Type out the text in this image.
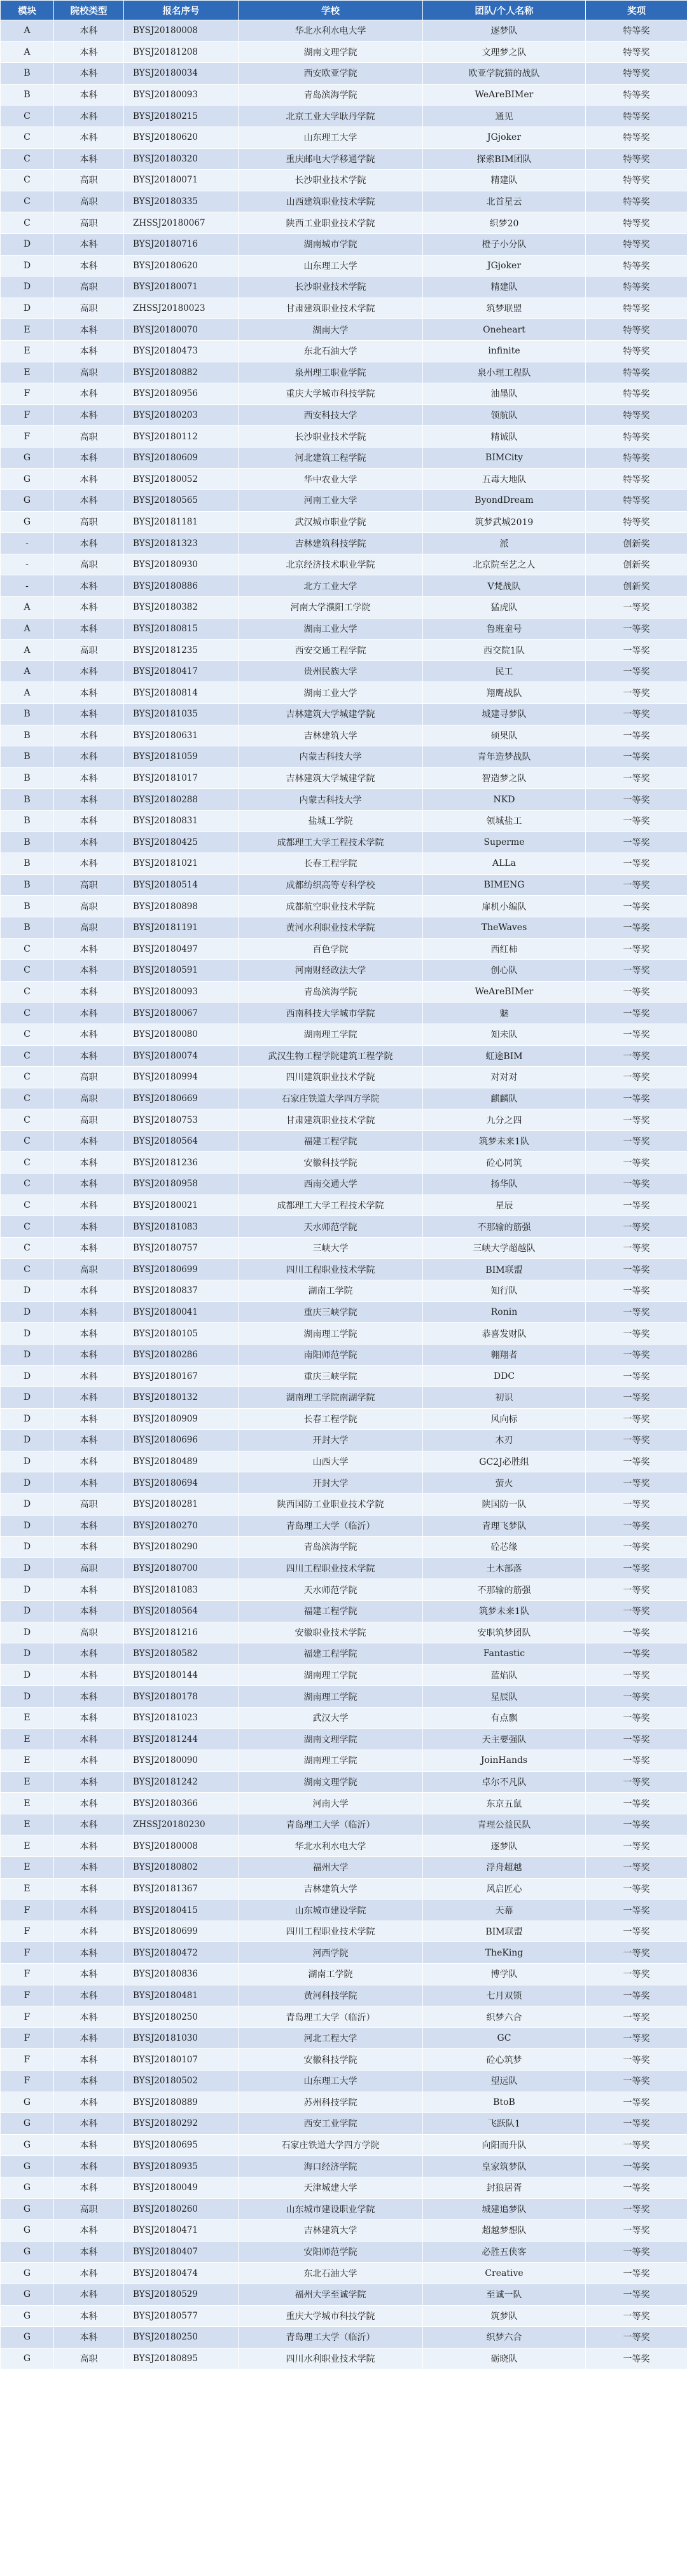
模块	院校类型	报名序号	学校	团队/个人名称	奖项
A	本科	BYSJ20180008	华北水利水电大学	逐梦队	特等奖
A	本科	BYSJ20181208	湖南文理学院	文理梦之队	特等奖
B	本科	BYSJ20180034	西安欧亚学院	欧亚学院猫的战队	特等奖
B	本科	BYSJ20180093	青岛滨海学院	WeAreBIMer	特等奖
C	本科	BYSJ20180215	北京工业大学耿丹学院	通见	特等奖
C	本科	BYSJ20180620	山东理工大学	JGjoker	特等奖
C	本科	BYSJ20180320	重庆邮电大学移通学院	探索BIM团队	特等奖
C	高职	BYSJ20180071	长沙职业技术学院	精建队	特等奖
C	高职	BYSJ20180335	山西建筑职业技术学院	北首星云	特等奖
C	高职	ZHSSJ20180067	陕西工业职业技术学院	织梦20	特等奖
D	本科	BYSJ20180716	湖南城市学院	橙子小分队	特等奖
D	本科	BYSJ20180620	山东理工大学	JGjoker	特等奖
D	高职	BYSJ20180071	长沙职业技术学院	精建队	特等奖
D	高职	ZHSSJ20180023	甘肃建筑职业技术学院	筑梦联盟	特等奖
E	本科	BYSJ20180070	湖南大学	Oneheart	特等奖
E	本科	BYSJ20180473	东北石油大学	infinite	特等奖
E	高职	BYSJ20180882	泉州理工职业学院	泉小理工程队	特等奖
F	本科	BYSJ20180956	重庆大学城市科技学院	油墨队	特等奖
F	本科	BYSJ20180203	西安科技大学	领航队	特等奖
F	高职	BYSJ20180112	长沙职业技术学院	精诚队	特等奖
G	本科	BYSJ20180609	河北建筑工程学院	BIMCity	特等奖
G	本科	BYSJ20180052	华中农业大学	五毒大地队	特等奖
G	本科	BYSJ20180565	河南工业大学	ByondDream	特等奖
G	高职	BYSJ20181181	武汉城市职业学院	筑梦武城2019	特等奖
-	本科	BYSJ20181323	吉林建筑科技学院	派	创新奖
-	高职	BYSJ20180930	北京经济技术职业学院	北京院至艺之人	创新奖
-	本科	BYSJ20180886	北方工业大学	V梵战队	创新奖
A	本科	BYSJ20180382	河南大学濮阳工学院	猛虎队	一等奖
A	本科	BYSJ20180815	湖南工业大学	鲁班童号	一等奖
A	高职	BYSJ20181235	西安交通工程学院	西交院1队	一等奖
A	本科	BYSJ20180417	贵州民族大学	民工	一等奖
A	本科	BYSJ20180814	湖南工业大学	翔鹰战队	一等奖
B	本科	BYSJ20181035	吉林建筑大学城建学院	城建寻梦队	一等奖
B	本科	BYSJ20180631	吉林建筑大学	硕果队	一等奖
B	本科	BYSJ20181059	内蒙古科技大学	青年造梦战队	一等奖
B	本科	BYSJ20181017	吉林建筑大学城建学院	智造梦之队	一等奖
B	本科	BYSJ20180288	内蒙古科技大学	NKD	一等奖
B	本科	BYSJ20180831	盐城工学院	领城盐工	一等奖
B	本科	BYSJ20180425	成都理工大学工程技术学院	Superme	一等奖
B	本科	BYSJ20181021	长春工程学院	ALLa	一等奖
B	高职	BYSJ20180514	成都纺织高等专科学校	BIMENG	一等奖
B	高职	BYSJ20180898	成都航空职业技术学院	扉机小编队	一等奖
B	高职	BYSJ20181191	黄河水利职业技术学院	TheWaves	一等奖
C	本科	BYSJ20180497	百色学院	西红柿	一等奖
C	本科	BYSJ20180591	河南财经政法大学	创心队	一等奖
C	本科	BYSJ20180093	青岛滨海学院	WeAreBIMer	一等奖
C	本科	BYSJ20180067	西南科技大学城市学院	魅	一等奖
C	本科	BYSJ20180080	湖南理工学院	知未队	一等奖
C	本科	BYSJ20180074	武汉生物工程学院建筑工程学院	虹途BIM	一等奖
C	高职	BYSJ20180994	四川建筑职业技术学院	对对对	一等奖
C	高职	BYSJ20180669	石家庄铁道大学四方学院	麒麟队	一等奖
C	高职	BYSJ20180753	甘肃建筑职业技术学院	九分之四	一等奖
C	本科	BYSJ20180564	福建工程学院	筑梦未来1队	一等奖
C	本科	BYSJ20181236	安徽科技学院	砼心同筑	一等奖
C	本科	BYSJ20180958	西南交通大学	扬华队	一等奖
C	本科	BYSJ20180021	成都理工大学工程技术学院	星辰	一等奖
C	本科	BYSJ20181083	天水师范学院	不那输的筋强	一等奖
C	本科	BYSJ20180757	三峡大学	三峡大学超越队	一等奖
C	高职	BYSJ20180699	四川工程职业技术学院	BIM联盟	一等奖
D	本科	BYSJ20180837	湖南工学院	知行队	一等奖
D	本科	BYSJ20180041	重庆三峡学院	Ronin	一等奖
D	本科	BYSJ20180105	湖南理工学院	恭喜发财队	一等奖
D	本科	BYSJ20180286	南阳师范学院	翱翔者	一等奖
D	本科	BYSJ20180167	重庆三峡学院	DDC	一等奖
D	本科	BYSJ20180132	湖南理工学院南湖学院	初识	一等奖
D	本科	BYSJ20180909	长春工程学院	风向标	一等奖
D	本科	BYSJ20180696	开封大学	木刃	一等奖
D	本科	BYSJ20180489	山西大学	GC2J必胜组	一等奖
D	本科	BYSJ20180694	开封大学	萤火	一等奖
D	高职	BYSJ20180281	陕西国防工业职业技术学院	陕国防一队	一等奖
D	本科	BYSJ20180270	青岛理工大学（临沂）	青理飞梦队	一等奖
D	本科	BYSJ20180290	青岛滨海学院	砼芯缘	一等奖
D	高职	BYSJ20180700	四川工程职业技术学院	土木部落	一等奖
D	本科	BYSJ20181083	天水师范学院	不那输的筋强	一等奖
D	本科	BYSJ20180564	福建工程学院	筑梦未来1队	一等奖
D	高职	BYSJ20181216	安徽职业技术学院	安职筑梦团队	一等奖
D	本科	BYSJ20180582	福建工程学院	Fantastic	一等奖
D	本科	BYSJ20180144	湖南理工学院	蓝焰队	一等奖
D	本科	BYSJ20180178	湖南理工学院	星辰队	一等奖
E	本科	BYSJ20181023	武汉大学	有点飘	一等奖
E	本科	BYSJ20181244	湖南文理学院	天主要强队	一等奖
E	本科	BYSJ20180090	湖南理工学院	JoinHands	一等奖
E	本科	BYSJ20181242	湖南文理学院	卓尔不凡队	一等奖
E	本科	BYSJ20180366	河南大学	东京五鼠	一等奖
E	本科	ZHSSJ20180230	青岛理工大学（临沂）	青理公益民队	一等奖
E	本科	BYSJ20180008	华北水利水电大学	逐梦队	一等奖
E	本科	BYSJ20180802	福州大学	浮舟超越	一等奖
E	本科	BYSJ20181367	吉林建筑大学	风启匠心	一等奖
F	本科	BYSJ20180415	山东城市建设学院	天幕	一等奖
F	本科	BYSJ20180699	四川工程职业技术学院	BIM联盟	一等奖
F	本科	BYSJ20180472	河西学院	TheKing	一等奖
F	本科	BYSJ20180836	湖南工学院	博学队	一等奖
F	本科	BYSJ20180481	黄河科技学院	七月双锁	一等奖
F	本科	BYSJ20180250	青岛理工大学（临沂）	织梦六合	一等奖
F	本科	BYSJ20181030	河北工程大学	GC	一等奖
F	本科	BYSJ20180107	安徽科技学院	砼心筑梦	一等奖
F	本科	BYSJ20180502	山东理工大学	望远队	一等奖
G	本科	BYSJ20180889	苏州科技学院	BtoB	一等奖
G	本科	BYSJ20180292	西安工业学院	飞跃队1	一等奖
G	本科	BYSJ20180695	石家庄铁道大学四方学院	向阳而升队	一等奖
G	本科	BYSJ20180935	海口经济学院	皇家筑梦队	一等奖
G	本科	BYSJ20180049	天津城建大学	封狼居胥	一等奖
G	高职	BYSJ20180260	山东城市建设职业学院	城建追梦队	一等奖
G	本科	BYSJ20180471	吉林建筑大学	超越梦想队	一等奖
G	本科	BYSJ20180407	安阳师范学院	必胜五侠客	一等奖
G	本科	BYSJ20180474	东北石油大学	Creative	一等奖
G	本科	BYSJ20180529	福州大学至诚学院	至诚一队	一等奖
G	本科	BYSJ20180577	重庆大学城市科技学院	筑梦队	一等奖
G	本科	BYSJ20180250	青岛理工大学（临沂）	织梦六合	一等奖
G	高职	BYSJ20180895	四川水利职业技术学院	砺晓队	一等奖
